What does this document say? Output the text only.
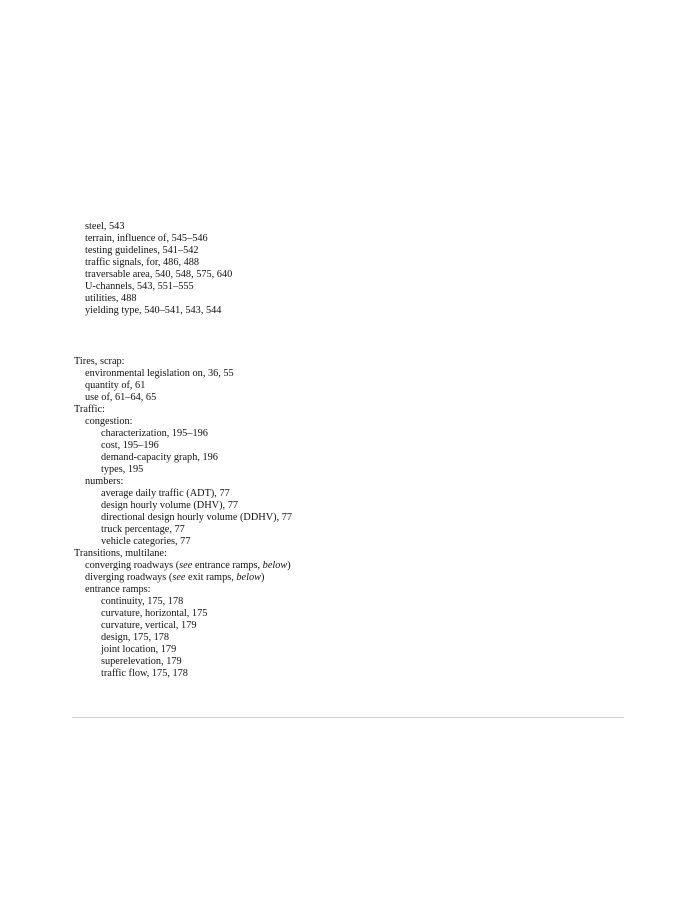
steel, 543
terrain, influence of, 545–546
testing guidelines, 541–542
traffic signals, for, 486, 488
traversable area, 540, 548, 575, 640
U-channels, 543, 551–555
utilities, 488
yielding type, 540–541, 543, 544
Tires, scrap:
environmental legislation on, 36, 55
quantity of, 61
use of, 61–64, 65
Traffic:
congestion:
characterization, 195–196
cost, 195–196
demand-capacity graph, 196
types, 195
numbers:
average daily traffic (ADT), 77
design hourly volume (DHV), 77
directional design hourly volume (DDHV), 77
truck percentage, 77
vehicle categories, 77
Transitions, multilane:
converging roadways (see entrance ramps, below)
diverging roadways (see exit ramps, below)
entrance ramps:
continuity, 175, 178
curvature, horizontal, 175
curvature, vertical, 179
design, 175, 178
joint location, 179
superelevation, 179
traffic flow, 175, 178
